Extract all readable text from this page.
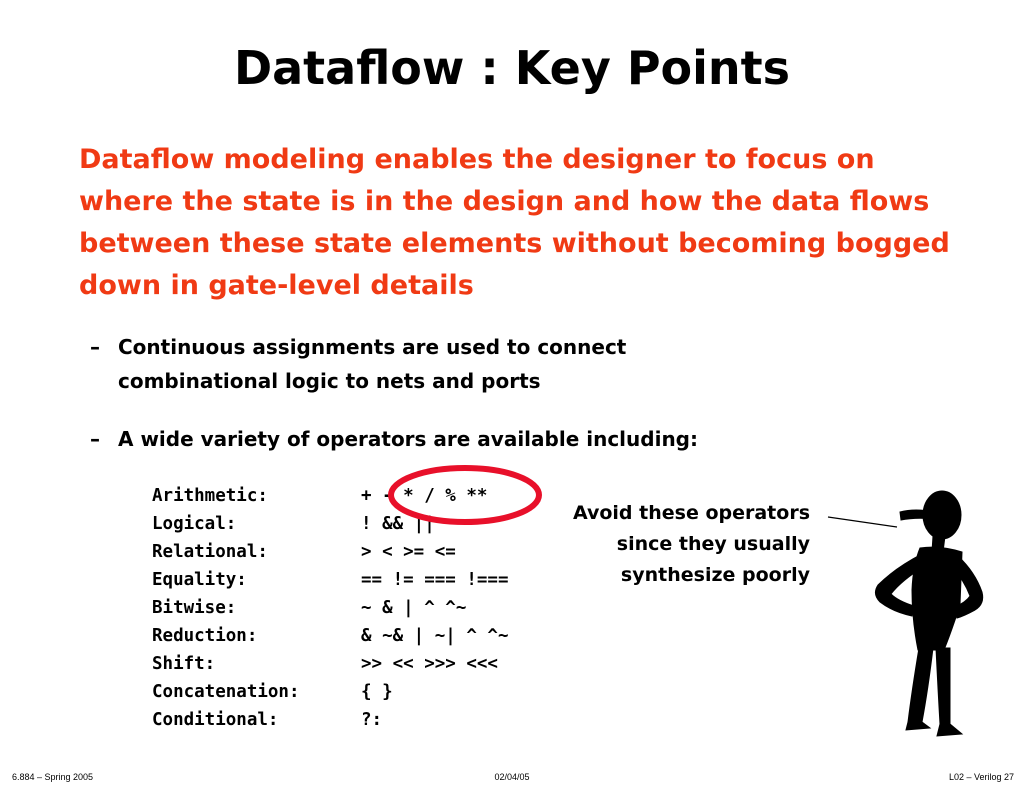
Dataflow : Key Points
Dataflow modeling enables the designer to focus on where the state is in the design and how the data flows between these state elements without becoming bogged down in gate-level details
– Continuous assignments are used to connect combinational logic to nets and ports
– A wide variety of operators are available including:
Arithmetic:	+ - * / % **
Logical:	! && ||
Relational:	> < >= <=
Equality:	== != === !===
Bitwise:	~ & | ^ ^~
Reduction:	& ~& | ~| ^ ^~
Shift:	>> << >>> <<<
Concatenation:	{ }
Conditional:	?:
Avoid these operators since they usually synthesize poorly
6.884 – Spring 2005	02/04/05	L02 – Verilog 27
